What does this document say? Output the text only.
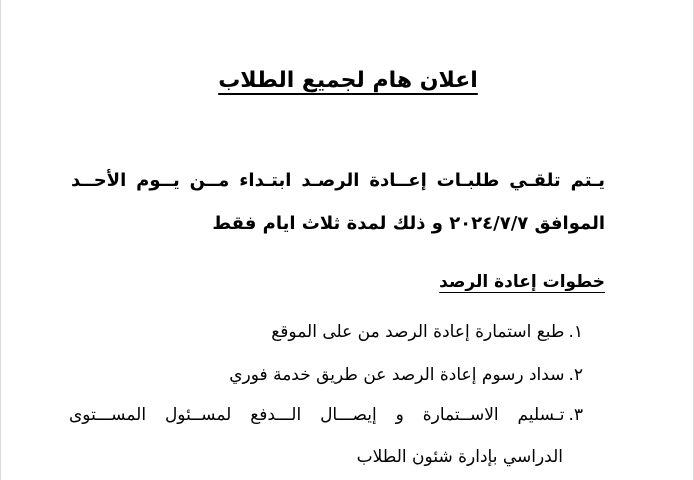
اعلان هام لجميع الطلاب

يـتم تلقـي طلبـات إعــادة الرصـد ابتـداء مــن يــوم الأحــد

الموافق ٢٠٢٤/٧/٧ و ذلك لمدة ثلاث ايام فقط

خطوات إعادة الرصد

١.طبع استمارة إعادة الرصد من على الموقع

٢.سداد رسوم إعادة الرصد عن طريق خدمة فوري

٣.تـسليم الاســتمارة و إيصـــال الـــدفع لمســئول المســـتوى

الدراسي بإدارة شئون الطلاب
